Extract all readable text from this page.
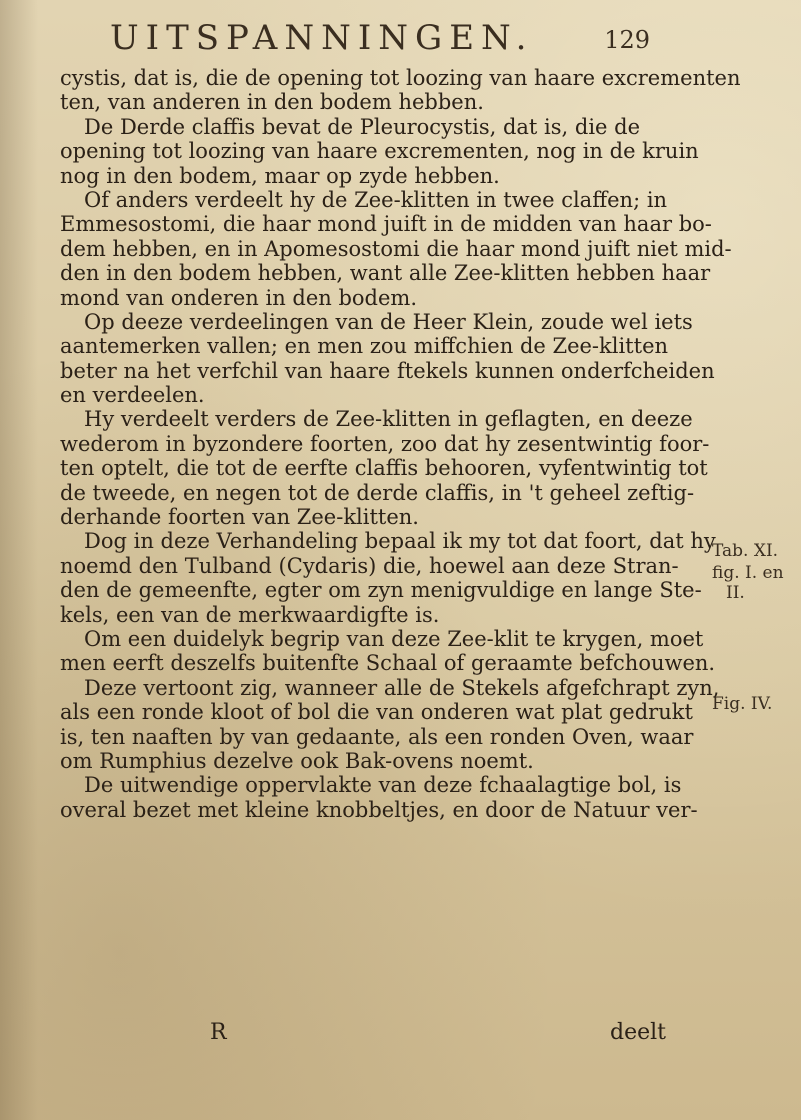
UITSPANNINGEN.	129
cystis, dat is, die de opening tot loozing van haare excrementen
ten, van anderen in den bodem hebben.
De Derde claffis bevat de Pleurocystis, dat is, die de
opening tot loozing van haare excrementen, nog in de kruin
nog in den bodem, maar op zyde hebben.
Of anders verdeelt hy de Zee-klitten in twee claffen; in
Emmesostomi, die haar mond juift in de midden van haar bo-
dem hebben, en in Apomesostomi die haar mond juift niet mid-
den in den bodem hebben, want alle Zee-klitten hebben haar
mond van onderen in den bodem.
Op deeze verdeelingen van de Heer Klein, zoude wel iets
aantemerken vallen; en men zou miffchien de Zee-klitten
beter na het verfchil van haare ftekels kunnen onderfcheiden
en verdeelen.
Hy verdeelt verders de Zee-klitten in geflagten, en deeze
wederom in byzondere foorten, zoo dat hy zesentwintig foor-
ten optelt, die tot de eerfte claffis behooren, vyfentwintig tot
de tweede, en negen tot de derde claffis, in 't geheel zeftig-
derhande foorten van Zee-klitten.
Dog in deze Verhandeling bepaal ik my tot dat foort, dat hy
noemd den Tulband (Cydaris) die, hoewel aan deze Stran-
den de gemeenfte, egter om zyn menigvuldige en lange Ste-
kels, een van de merkwaardigfte is.
Om een duidelyk begrip van deze Zee-klit te krygen, moet
men eerft deszelfs buitenfte Schaal of geraamte befchouwen.
Deze vertoont zig, wanneer alle de Stekels afgefchrapt zyn,
als een ronde kloot of bol die van onderen wat plat gedrukt
is, ten naaften by van gedaante, als een ronden Oven, waar
om Rumphius dezelve ook Bak-ovens noemt.
De uitwendige oppervlakte van deze fchaalagtige bol, is
overal bezet met kleine knobbeltjes, en door de Natuur ver-
Tab. XI.
fig. I. en
II.
Fig. IV.
R	deelt
